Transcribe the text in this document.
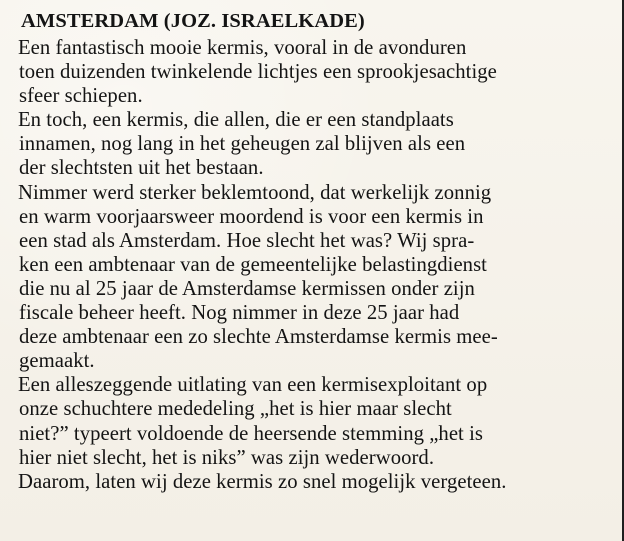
AMSTERDAM (JOZ. ISRAELKADE)
Een fantastisch mooie kermis, vooral in de avonduren
toen duizenden twinkelende lichtjes een sprookjesachtige
sfeer schiepen.
En toch, een kermis, die allen, die er een standplaats
innamen, nog lang in het geheugen zal blijven als een
der slechtsten uit het bestaan.
Nimmer werd sterker beklemtoond, dat werkelijk zonnig
en warm voorjaarsweer moordend is voor een kermis in
een stad als Amsterdam. Hoe slecht het was? Wij spra-
ken een ambtenaar van de gemeentelijke belastingdienst
die nu al 25 jaar de Amsterdamse kermissen onder zijn
fiscale beheer heeft. Nog nimmer in deze 25 jaar had
deze ambtenaar een zo slechte Amsterdamse kermis mee-
gemaakt.
Een alleszeggende uitlating van een kermisexploitant op
onze schuchtere mededeling „het is hier maar slecht
niet?” typeert voldoende de heersende stemming „het is
hier niet slecht, het is niks” was zijn wederwoord.
Daarom, laten wij deze kermis zo snel mogelijk vergeteen.
